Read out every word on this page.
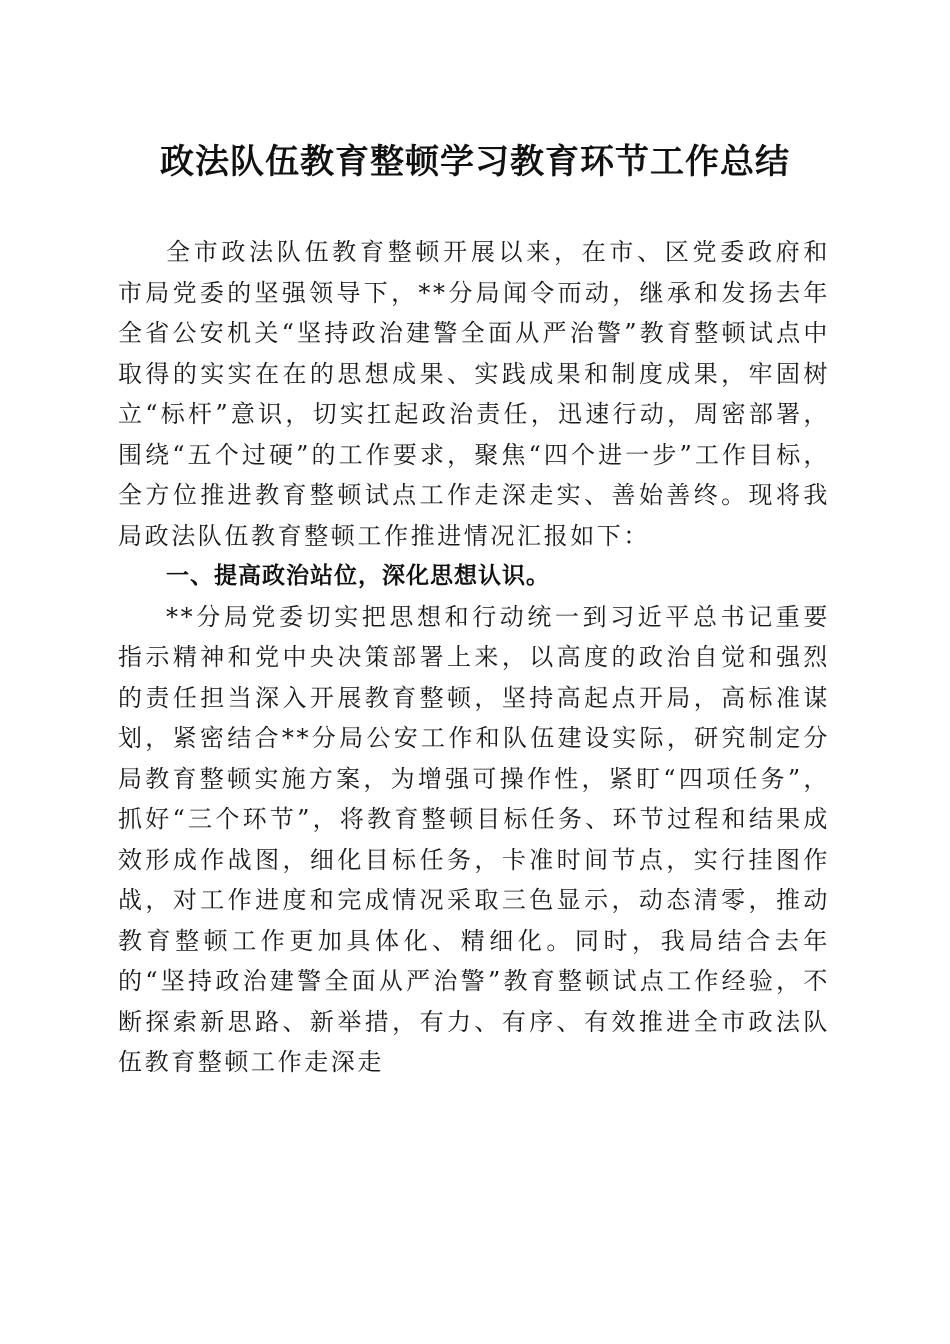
政法队伍教育整顿学习教育环节工作总结

全市政法队伍教育整顿开展以来，在市、区党委政府和市局党委的坚强领导下，**分局闻令而动，继承和发扬去年全省公安机关“坚持政治建警全面从严治警”教育整顿试点中取得的实实在在的思想成果、实践成果和制度成果，牢固树立“标杆”意识，切实扛起政治责任，迅速行动，周密部署，围绕“五个过硬”的工作要求，聚焦“四个进一步”工作目标，全方位推进教育整顿试点工作走深走实、善始善终。现将我局政法队伍教育整顿工作推进情况汇报如下：

一、提高政治站位，深化思想认识。

**分局党委切实把思想和行动统一到习近平总书记重要指示精神和党中央决策部署上来，以高度的政治自觉和强烈的责任担当深入开展教育整顿，坚持高起点开局，高标准谋划，紧密结合**分局公安工作和队伍建设实际，研究制定分局教育整顿实施方案，为增强可操作性，紧盯“四项任务”，抓好“三个环节”，将教育整顿目标任务、环节过程和结果成效形成作战图，细化目标任务，卡准时间节点，实行挂图作战，对工作进度和完成情况采取三色显示，动态清零，推动教育整顿工作更加具体化、精细化。同时，我局结合去年的“坚持政治建警全面从严治警”教育整顿试点工作经验，不断探索新思路、新举措，有力、有序、有效推进全市政法队伍教育整顿工作走深走
